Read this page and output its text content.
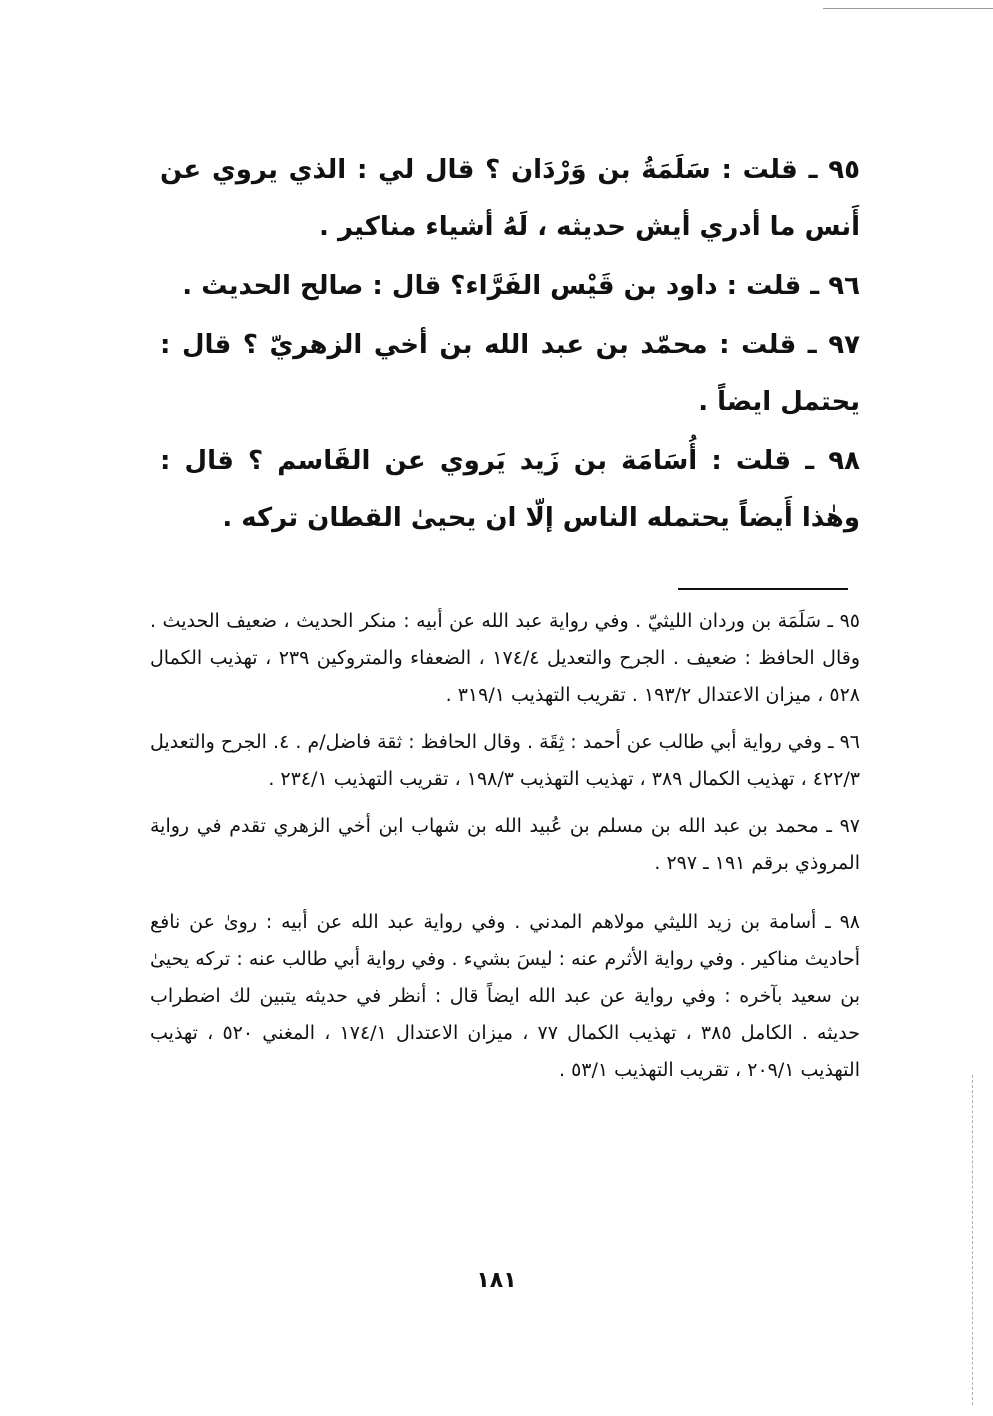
٩٥ ـ قلت : سَلَمَةُ بن وَرْدَان ؟ قال لي : الذي يروي عن أَنس ما أدري أيش حديثه ، لَهُ أشياء مناكير .

٩٦ ـ قلت : داود بن قَيْس الفَرَّاء؟ قال : صالح الحديث .

٩٧ ـ قلت : محمّد بن عبد الله بن أخي الزهريّ ؟ قال : يحتمل ايضاً .

٩٨ ـ قلت : أُسَامَة بن زَيد يَروي عن القَاسم ؟ قال : وهٰذا أَيضاً يحتمله الناس إلّا ان يحيىٰ القطان تركه .

٩٥ ـ سَلَمَة بن وردان الليثيّ . وفي رواية عبد الله عن أبيه : منكر الحديث ، ضعيف الحديث . وقال الحافظ : ضعيف . الجرح والتعديل ١٧٤/٤ ، الضعفاء والمتروكين ٢٣٩ ، تهذيب الكمال ٥٢٨ ، ميزان الاعتدال ١٩٣/٢ . تقريب التهذيب ٣١٩/١ .

٩٦ ـ وفي رواية أبي طالب عن أحمد : ثِقَة . وقال الحافظ : ثقة فاضل/م . ٤. الجرح والتعديل ٤٢٢/٣ ، تهذيب الكمال ٣٨٩ ، تهذيب التهذيب ١٩٨/٣ ، تقريب التهذيب ٢٣٤/١ .

٩٧ ـ محمد بن عبد الله بن مسلم بن عُبيد الله بن شهاب ابن أخي الزهري تقدم في رواية المروذي برقم ١٩١ ـ ٢٩٧ .

٩٨ ـ أسامة بن زيد الليثي مولاهم المدني . وفي رواية عبد الله عن أبيه : روىٰ عن نافع أحاديث مناكير . وفي رواية الأثرم عنه : ليسَ بشيء . وفي رواية أبي طالب عنه : تركه يحيىٰ بن سعيد بآخره : وفي رواية عن عبد الله ايضاً قال : أنظر في حديثه يتبين لك اضطراب حديثه . الكامل ٣٨٥ ، تهذيب الكمال ٧٧ ، ميزان الاعتدال ١٧٤/١ ، المغني ٥٢٠ ، تهذيب التهذيب ٢٠٩/١ ، تقريب التهذيب ٥٣/١ .

١٨١
